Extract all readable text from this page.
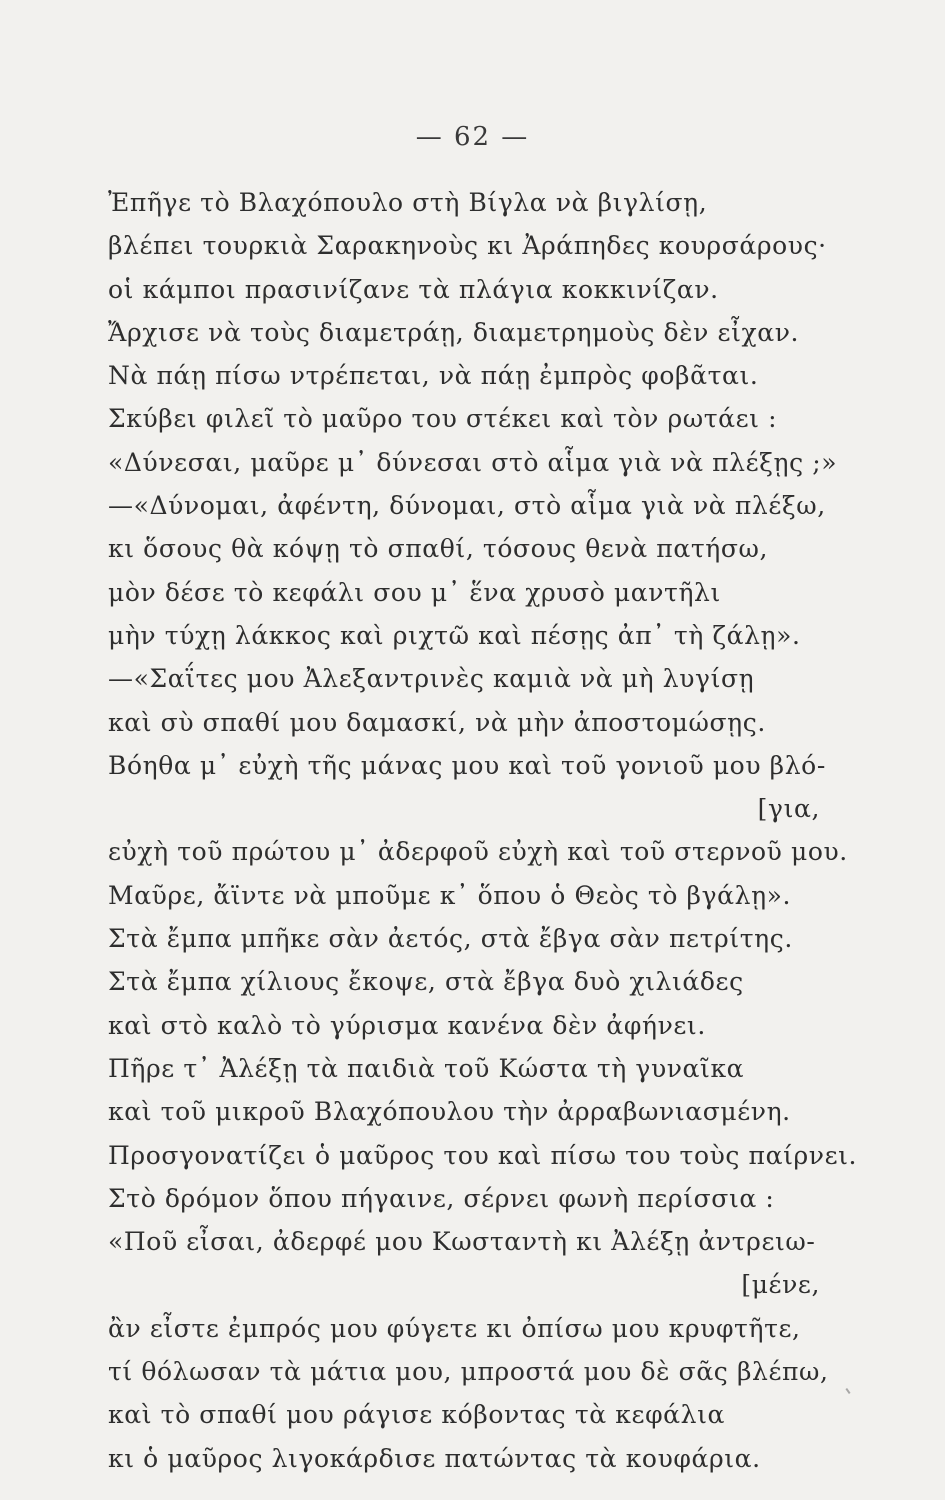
— 62 —
Ἐπῆγε τὸ Βλαχόπουλο στὴ Βίγλα νὰ βιγλίσῃ,
βλέπει τουρκιὰ Σαρακηνοὺς κι Ἀράπηδες κουρσάρους·
οἱ κάμποι πρασινίζανε τὰ πλάγια κοκκινίζαν.
Ἄρχισε νὰ τοὺς διαμετράῃ, διαμετρημοὺς δὲν εἶχαν.
Νὰ πάῃ πίσω ντρέπεται, νὰ πάῃ ἐμπρὸς φοβᾶται.
Σκύβει φιλεῖ τὸ μαῦρο του στέκει καὶ τὸν ρωτάει :
«Δύνεσαι, μαῦρε μ᾽ δύνεσαι στὸ αἷμα γιὰ νὰ πλέξῃς ;»
—«Δύνομαι, ἀφέντη, δύνομαι, στὸ αἷμα γιὰ νὰ πλέξω,
κι ὅσους θὰ κόψῃ τὸ σπαθί, τόσους θενὰ πατήσω,
μὸν δέσε τὸ κεφάλι σου μ᾽ ἕνα χρυσὸ μαντῆλι
μὴν τύχῃ λάκκος καὶ ριχτῶ καὶ πέσῃς ἀπ᾽ τὴ ζάλῃ».
—«Σαΐτες μου Ἀλεξαντρινὲς καμιὰ νὰ μὴ λυγίσῃ
καὶ σὺ σπαθί μου δαμασκί, νὰ μὴν ἀποστομώσῃς.
Βόηθα μ᾽ εὐχὴ τῆς μάνας μου καὶ τοῦ γονιοῦ μου βλό-
[για,
εὐχὴ τοῦ πρώτου μ᾽ ἀδερφοῦ εὐχὴ καὶ τοῦ στερνοῦ μου.
Μαῦρε, ἄϊντε νὰ μποῦμε κ᾽ ὅπου ὁ Θεὸς τὸ βγάλῃ».
Στὰ ἔμπα μπῆκε σὰν ἀετός, στὰ ἔβγα σὰν πετρίτης.
Στὰ ἔμπα χίλιους ἔκοψε, στὰ ἔβγα δυὸ χιλιάδες
καὶ στὸ καλὸ τὸ γύρισμα κανένα δὲν ἀφήνει.
Πῆρε τ᾽ Ἀλέξῃ τὰ παιδιὰ τοῦ Κώστα τὴ γυναῖκα
καὶ τοῦ μικροῦ Βλαχόπουλου τὴν ἀρραβωνιασμένη.
Προσγονατίζει ὁ μαῦρος του καὶ πίσω του τοὺς παίρνει.
Στὸ δρόμον ὅπου πήγαινε, σέρνει φωνὴ περίσσια :
«Ποῦ εἶσαι, ἀδερφέ μου Κωσταντὴ κι Ἀλέξῃ ἀντρειω-
[μένε,
ἂν εἶστε ἐμπρός μου φύγετε κι ὀπίσω μου κρυφτῆτε,
τί θόλωσαν τὰ μάτια μου, μπροστά μου δὲ σᾶς βλέπω,
καὶ τὸ σπαθί μου ράγισε κόβοντας τὰ κεφάλια
κι ὁ μαῦρος λιγοκάρδισε πατώντας τὰ κουφάρια.
